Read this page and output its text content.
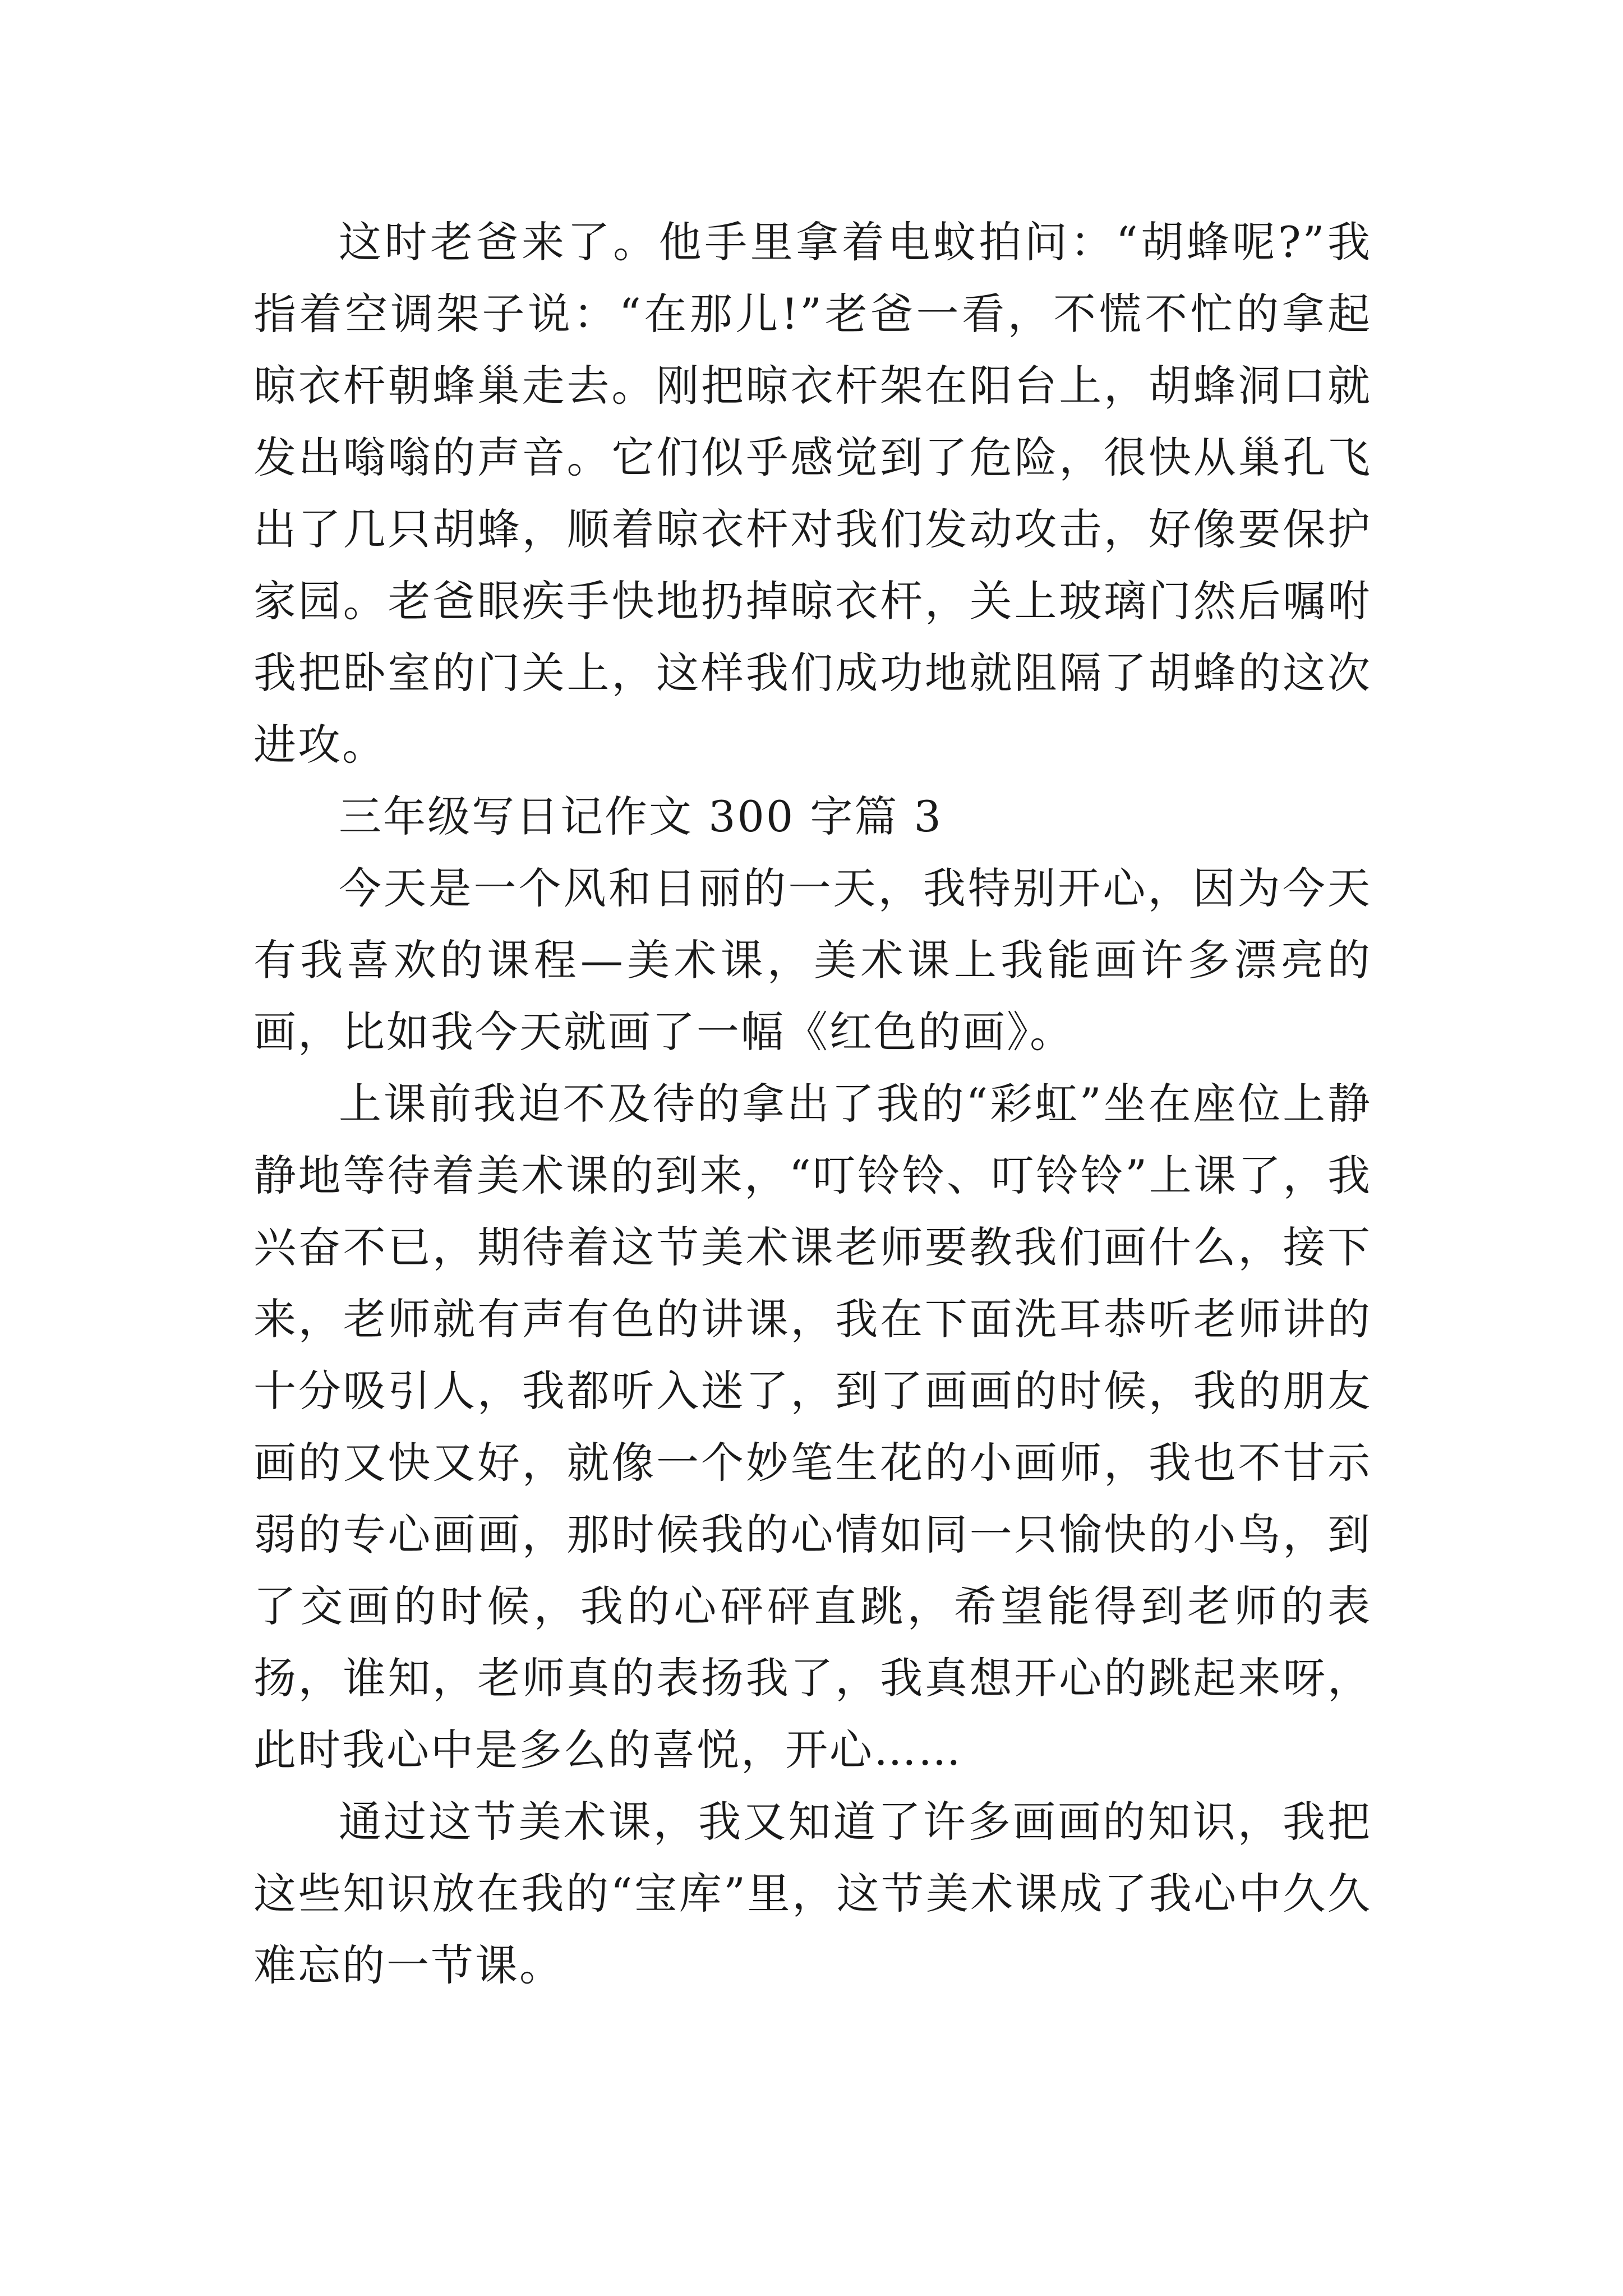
这时老爸来了。他手里拿着电蚊拍问：“胡蜂呢?”我指着空调架子说：“在那儿!”老爸一看，不慌不忙的拿起晾衣杆朝蜂巢走去。刚把晾衣杆架在阳台上，胡蜂洞口就发出嗡嗡的声音。它们似乎感觉到了危险，很快从巢孔飞出了几只胡蜂，顺着晾衣杆对我们发动攻击，好像要保护家园。老爸眼疾手快地扔掉晾衣杆，关上玻璃门然后嘱咐我把卧室的门关上，这样我们成功地就阻隔了胡蜂的这次进攻。

三年级写日记作文 300 字篇 3

今天是一个风和日丽的一天，我特别开心，因为今天有我喜欢的课程—美术课，美术课上我能画许多漂亮的画，比如我今天就画了一幅《红色的画》。

上课前我迫不及待的拿出了我的“彩虹”坐在座位上静静地等待着美术课的到来，“叮铃铃、叮铃铃”上课了，我兴奋不已，期待着这节美术课老师要教我们画什么，接下来，老师就有声有色的讲课，我在下面洗耳恭听老师讲的十分吸引人，我都听入迷了，到了画画的时候，我的朋友画的又快又好，就像一个妙笔生花的小画师，我也不甘示弱的专心画画，那时候我的心情如同一只愉快的小鸟，到了交画的时候，我的心砰砰直跳，希望能得到老师的表扬，谁知，老师真的表扬我了，我真想开心的跳起来呀，此时我心中是多么的喜悦，开心……

通过这节美术课，我又知道了许多画画的知识，我把这些知识放在我的“宝库”里，这节美术课成了我心中久久难忘的一节课。
